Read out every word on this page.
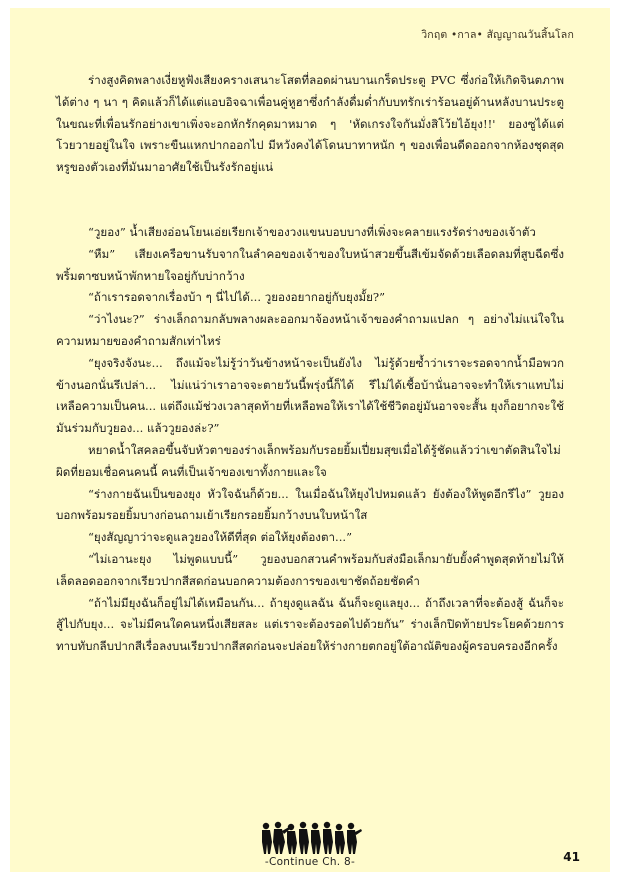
วิกฤต •กาล• สัญญาณวันสิ้นโลก

ร่างสูงคิดพลางเงี่ยหูฟังเสียงครางเสนาะโสตที่ลอดผ่านบานเกร็ดประตู PVC ซึ่งก่อให้เกิดจินตภาพได้ต่าง ๆ นา ๆ คิดแล้วก็ได้แต่แอบอิจฉาเพื่อนคู่หูฮาซึ่งกำลังดื่มด่ำกับบทรักเร่าร้อนอยู่ด้านหลังบานประตู ในขณะที่เพื่อนรักอย่างเขาเพิ่งจะอกหักรักคุดมาหมาด ๆ 'หัดเกรงใจกันมั่งสิโว้ยไอ้ยุง!!' ยองซูได้แต่โวยวายอยู่ในใจ เพราะขืนแหกปากออกไป มีหวังคงได้โดนบาทาหนัก ๆ ของเพื่อนดีดออกจากห้องชุดสุดหรูของตัวเองที่มันมาอาศัยใช้เป็นรังรักอยู่แน่

“วูยอง” น้ำเสียงอ่อนโยนเอ่ยเรียกเจ้าของวงแขนบอบบางที่เพิ่งจะคลายแรงรัดร่างของเจ้าตัว

“หืม” เสียงเครือขานรับจากในลำคอของเจ้าของใบหน้าสวยขึ้นสีเข้มจัดด้วยเลือดลมที่สูบฉีดซึ่งพริ้มตาซบหน้าพักหายใจอยู่กับบ่ากว้าง

“ถ้าเรารอดจากเรื่องบ้า ๆ นี่ไปได้... วูยองอยากอยู่กับยุงมั้ย?”

“ว่าไงนะ?” ร่างเล็กถามกลับพลางผละออกมาจ้องหน้าเจ้าของคำถามแปลก ๆ อย่างไม่แน่ใจในความหมายของคำถามสักเท่าไหร่

“ยุงจริงจังนะ... ถึงแม้จะไม่รู้ว่าวันข้างหน้าจะเป็นยังไง ไม่รู้ด้วยซ้ำว่าเราจะรอดจากน้ำมือพวกข้างนอกนั่นรึเปล่า... ไม่แน่ว่าเราอาจจะตายวันนี้พรุ่งนี้ก็ได้ รึไม่ได้เชื้อบ้านั่นอาจจะทำให้เราแทบไม่เหลือความเป็นคน... แต่ถึงแม้ช่วงเวลาสุดท้ายที่เหลือพอให้เราได้ใช้ชีวิตอยู่มันอาจจะสั้น ยุงก็อยากจะใช้มันร่วมกับวูยอง... แล้ววูยองล่ะ?”

หยาดน้ำใสคลอขึ้นจับหัวตาของร่างเล็กพร้อมกับรอยยิ้มเปี่ยมสุขเมื่อได้รู้ชัดแล้วว่าเขาตัดสินใจไม่ผิดที่ยอมเชื่อคนคนนี้ คนที่เป็นเจ้าของเขาทั้งกายและใจ

“ร่างกายฉันเป็นของยุง หัวใจฉันก็ด้วย... ในเมื่อฉันให้ยุงไปหมดแล้ว ยังต้องให้พูดอีกรึไง” วูยองบอกพร้อมรอยยิ้มบางก่อนถามเย้าเรียกรอยยิ้มกว้างบนใบหน้าใส

“ยุงสัญญาว่าจะดูแลวูยองให้ดีที่สุด ต่อให้ยุงต้องตา...”

“ไม่เอานะยุง ไม่พูดแบบนี้” วูยองบอกสวนคำพร้อมกับส่งมือเล็กมายับยั้งคำพูดสุดท้ายไม่ให้เล็ดลอดออกจากเรียวปากสีสดก่อนบอกความต้องการของเขาชัดถ้อยชัดคำ

“ถ้าไม่มียุงฉันก็อยู่ไม่ได้เหมือนกัน... ถ้ายุงดูแลฉัน ฉันก็จะดูแลยุง... ถ้าถึงเวลาที่จะต้องสู้ ฉันก็จะสู้ไปกับยุง... จะไม่มีคนใดคนหนึ่งเสียสละ แต่เราจะต้องรอดไปด้วยกัน” ร่างเล็กปิดท้ายประโยคด้วยการทาบทับกลีบปากสีเรื่อลงบนเรียวปากสีสดก่อนจะปล่อยให้ร่างกายตกอยู่ใต้อาณัติของผู้ครอบครองอีกครั้ง

-Continue Ch. 8-	41
